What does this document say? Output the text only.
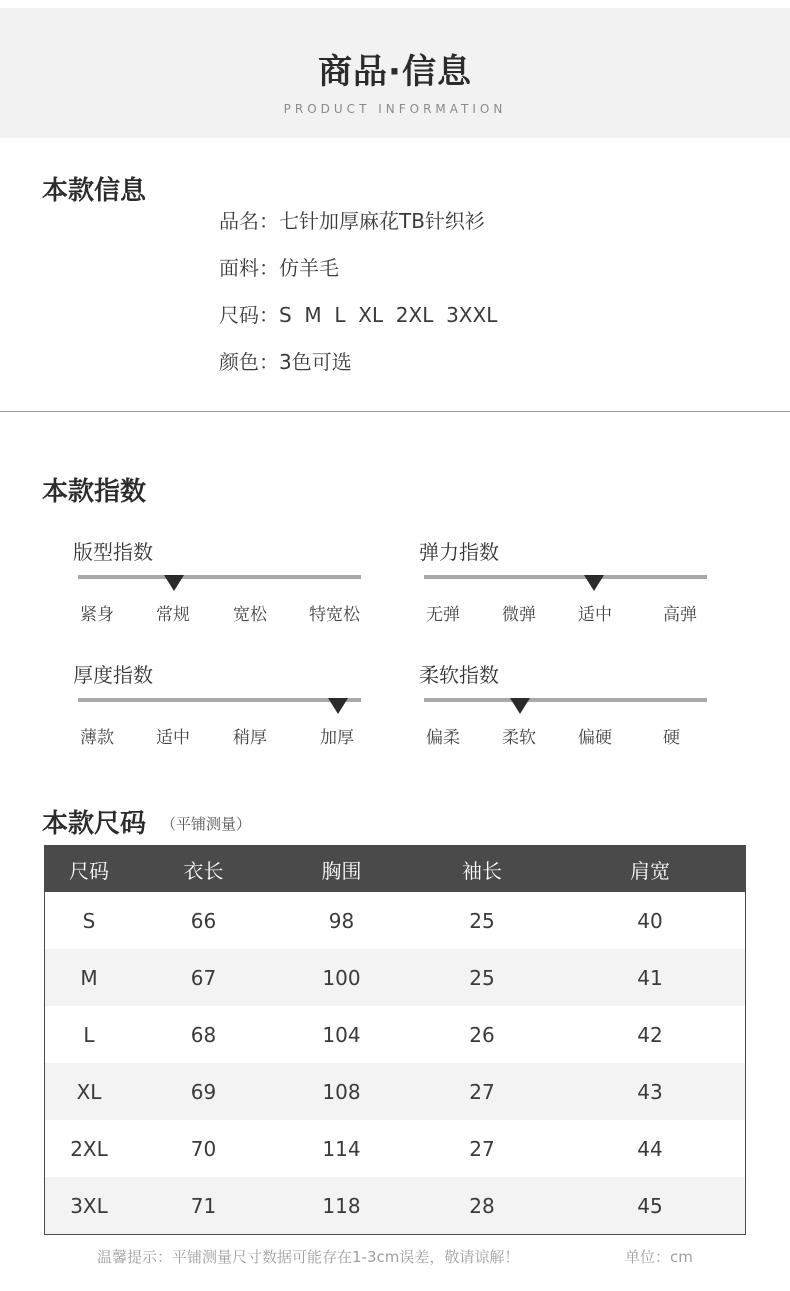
商品·信息
PRODUCT INFORMATION
本款信息
品名：七针加厚麻花TB针织衫
面料：仿羊毛
尺码：S  M  L  XL  2XL  3XXL
颜色：3色可选
本款指数
版型指数
紧身 常规	宽松 特宽松
弹力指数
无弹 微弹 适中	高弹
厚度指数
薄款 适中	稍厚	加厚
柔软指数
偏柔 柔软 偏硬	硬
本款尺码 （平铺测量）
尺码	衣长	胸围	袖长	肩宽
S	66	98	25	40
M	67	100	25	41
L	68	104	26	42
XL	69	108	27	43
2XL	70	114	27	44
3XL	71	118	28	45
温馨提示：平铺测量尺寸数据可能存在1-3cm误差，敬请谅解！	单位：cm
